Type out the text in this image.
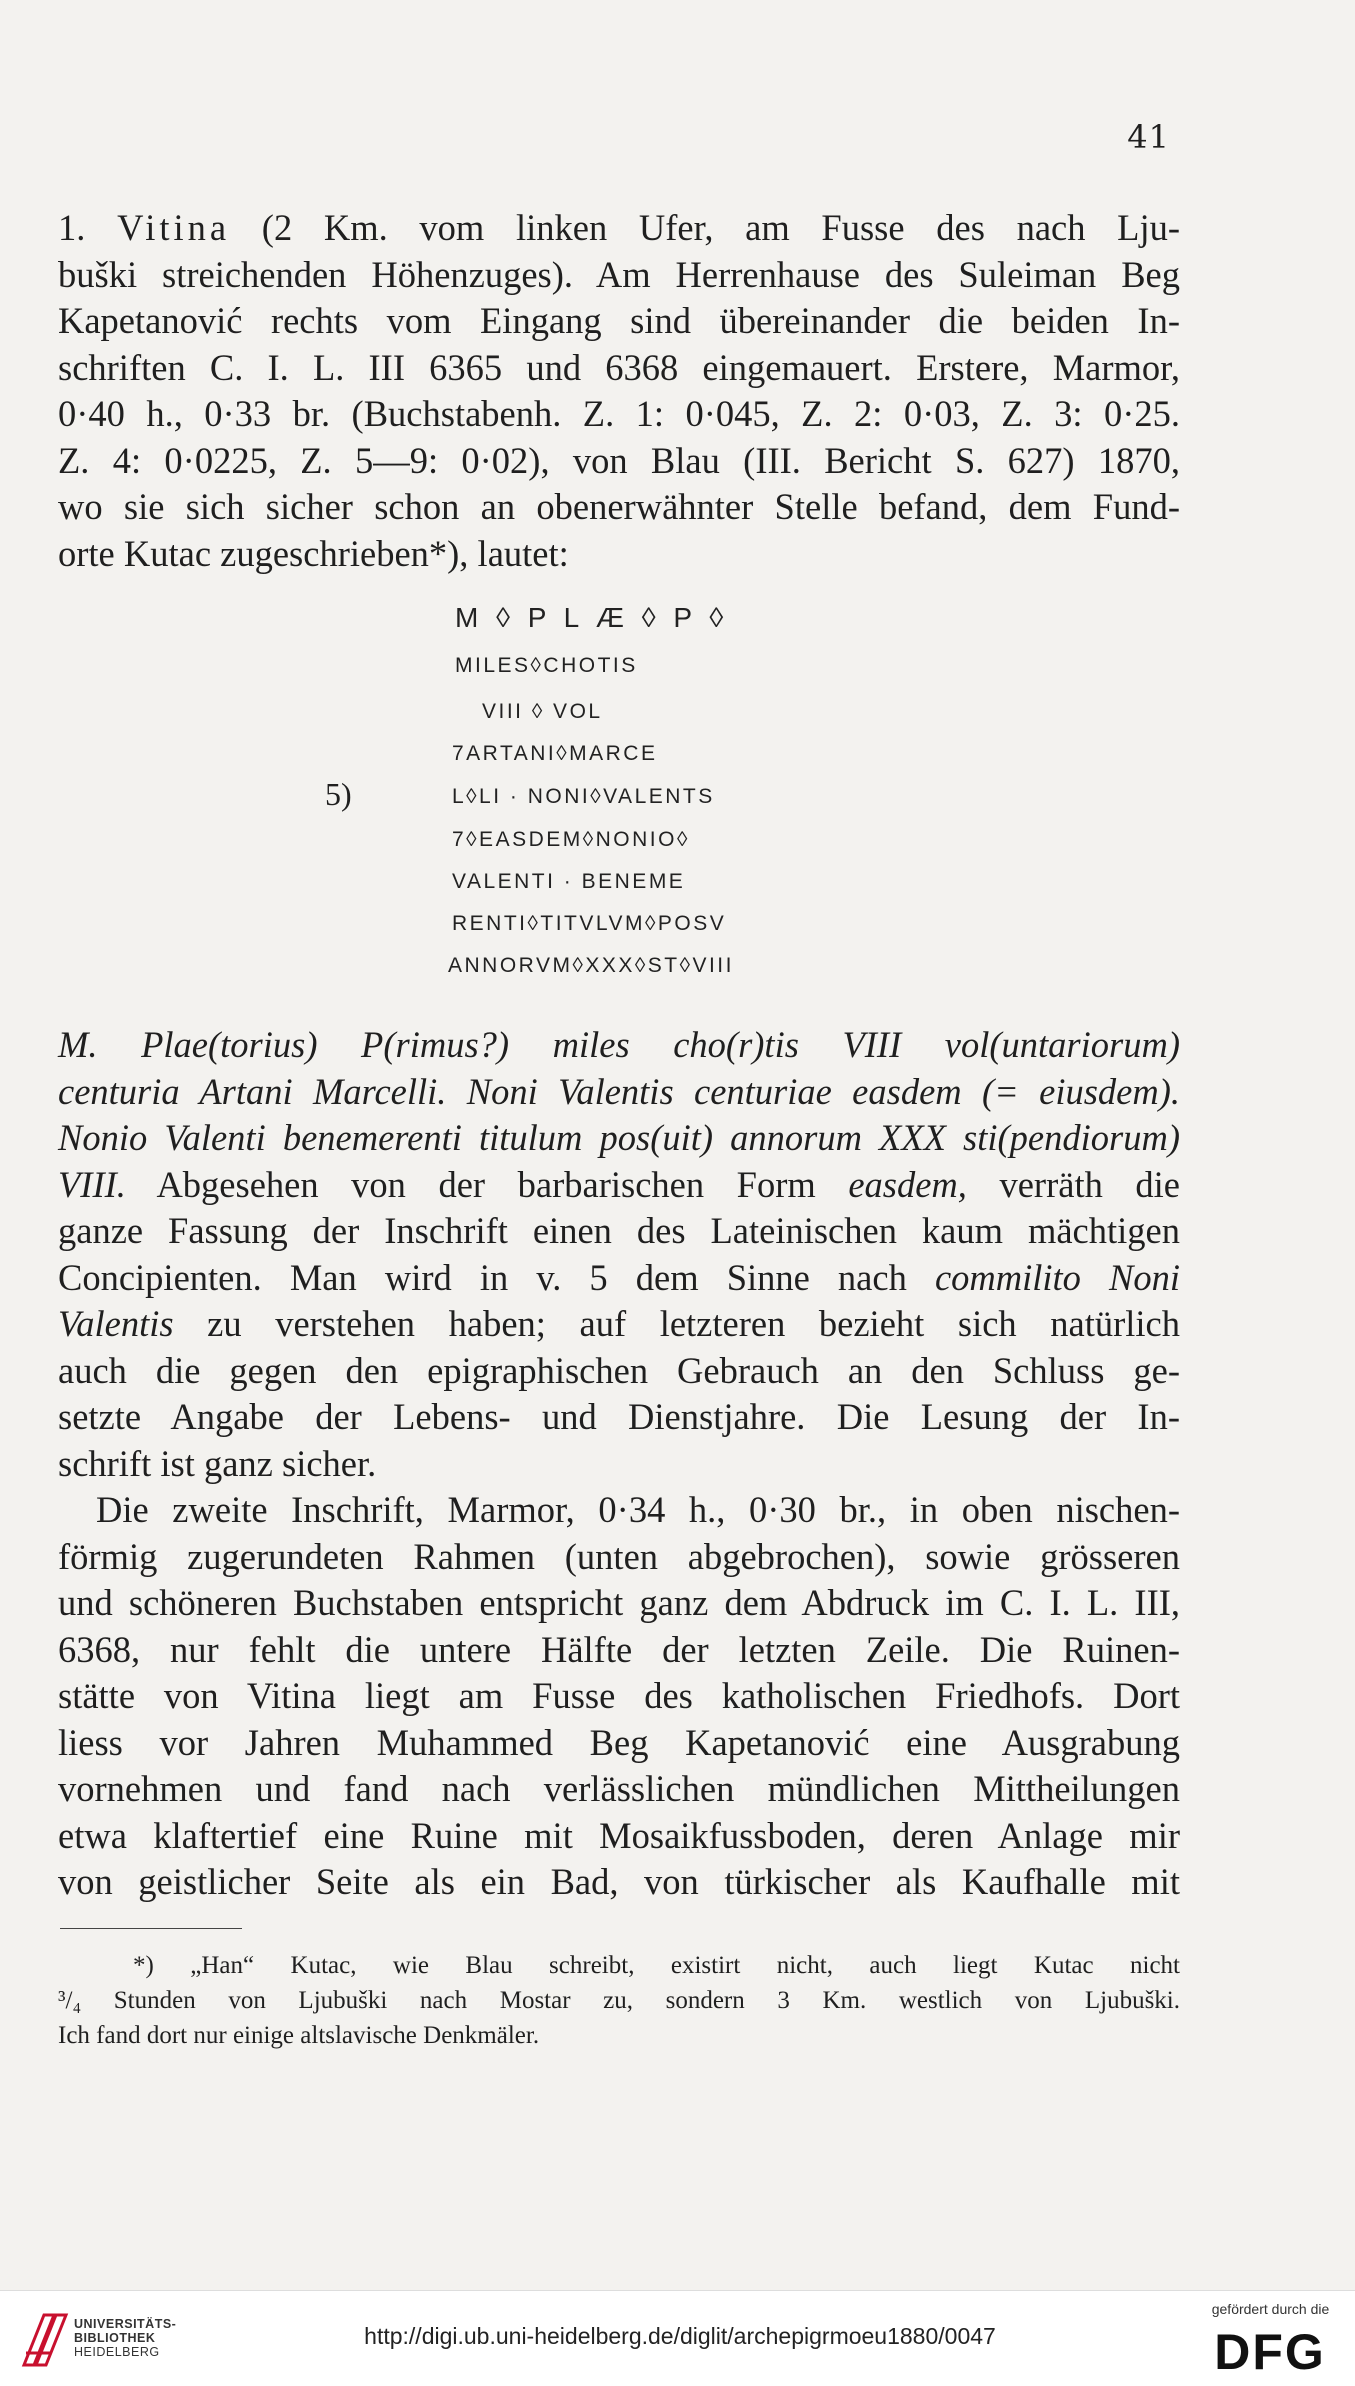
41
1. Vitina (2 Km. vom linken Ufer, am Fusse des nach Lju-
buški streichenden Höhenzuges). Am Herrenhause des Suleiman Beg
Kapetanović rechts vom Eingang sind übereinander die beiden In-
schriften C. I. L. III 6365 und 6368 eingemauert. Erstere, Marmor,
0·40 h., 0·33 br. (Buchstabenh. Z. 1: 0·045, Z. 2: 0·03, Z. 3: 0·25.
Z. 4: 0·0225, Z. 5—9: 0·02), von Blau (III. Bericht S. 627) 1870,
wo sie sich sicher schon an obenerwähnter Stelle befand, dem Fund-
orte Kutac zugeschrieben*), lautet:
5)
M ◊ P L Æ ◊ P ◊
MILES◊CHOTIS
VIII ◊ VOL
7ARTANI◊MARCE
L◊LI · NONI◊VALENTS
7◊EASDEM◊NONIO◊
VALENTI · BENEME
RENTI◊TITVLVM◊POSV
ANNORVM◊XXX◊ST◊VIII
M. Plae(torius) P(rimus?) miles cho(r)tis VIII vol(untariorum)
centuria Artani Marcelli. Noni Valentis centuriae easdem (= eiusdem).
Nonio Valenti benemerenti titulum pos(uit) annorum XXX sti(pendiorum)
VIII. Abgesehen von der barbarischen Form easdem, verräth die
ganze Fassung der Inschrift einen des Lateinischen kaum mächtigen
Concipienten. Man wird in v. 5 dem Sinne nach commilito Noni
Valentis zu verstehen haben; auf letzteren bezieht sich natürlich
auch die gegen den epigraphischen Gebrauch an den Schluss ge-
setzte Angabe der Lebens- und Dienstjahre. Die Lesung der In-
schrift ist ganz sicher.
Die zweite Inschrift, Marmor, 0·34 h., 0·30 br., in oben nischen-
förmig zugerundeten Rahmen (unten abgebrochen), sowie grösseren
und schöneren Buchstaben entspricht ganz dem Abdruck im C. I. L. III,
6368, nur fehlt die untere Hälfte der letzten Zeile. Die Ruinen-
stätte von Vitina liegt am Fusse des katholischen Friedhofs. Dort
liess vor Jahren Muhammed Beg Kapetanović eine Ausgrabung
vornehmen und fand nach verlässlichen mündlichen Mittheilungen
etwa klaftertief eine Ruine mit Mosaikfussboden, deren Anlage mir
von geistlicher Seite als ein Bad, von türkischer als Kaufhalle mit
*) „Han“ Kutac, wie Blau schreibt, existirt nicht, auch liegt Kutac nicht
³/₄ Stunden von Ljubuški nach Mostar zu, sondern 3 Km. westlich von Ljubuški.
Ich fand dort nur einige altslavische Denkmäler.
UNIVERSITÄTS-
BIBLIOTHEK
HEIDELBERG
http://digi.ub.uni-heidelberg.de/diglit/archepigrmoeu1880/0047
gefördert durch die
DFG
